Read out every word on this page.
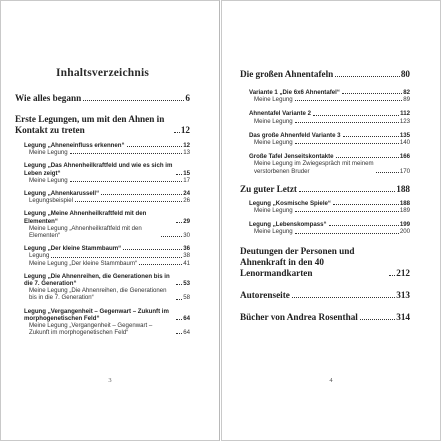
Inhaltsverzeichnis
Wie alles begann	6
Erste Legungen, um mit den Ahnen in Kontakt zu treten	12
Legung „Ahneneinfluss erkennen“	12
Meine Legung	13
Legung „Das Ahnenheilkraftfeld und wie es sich im Leben zeigt“	15
Meine Legung	17
Legung „Ahnenkarussell“	24
Legungsbeispiel	26
Legung „Meine Ahnenheilkraftfeld mit den Elementen“	29
Meine Legung „Ahnenheilkraftfeld mit den Elementen“	30
Legung „Der kleine Stammbaum“	36
Legung	38
Meine Legung „Der kleine Stammbaum“	41
Legung „Die Ahnenreihen, die Generationen bis in die 7. Generation“	53
Meine Legung „Die Ahnenreihen, die Generationen bis in die 7. Generation“	58
Legung „Vergangenheit – Gegenwart – Zukunft im morphogenetischen Feld“	64
Meine Legung „Vergangenheit – Gegenwart – Zukunft im morphogenetischen Feld“	64
3
Die großen Ahnentafeln	80
Variante 1 „Die 6x6 Ahnentafel“	82
Meine Legung	89
Ahnentafel Variante 2	112
Meine Legung	123
Das große Ahnenfeld Variante 3	135
Meine Legung	140
Große Tafel Jenseitskontakte	166
Meine Legung im Zwiegespräch mit meinem verstorbenen Bruder	170
Zu guter Letzt	188
Legung „Kosmische Spiele“	188
Meine Legung	189
Legung „Lebenskompass“	199
Meine Legung	200
Deutungen der Personen und Ahnenkraft in den 40 Lenormandkarten	212
Autorenseite	313
Bücher von Andrea Rosenthal	314
4
